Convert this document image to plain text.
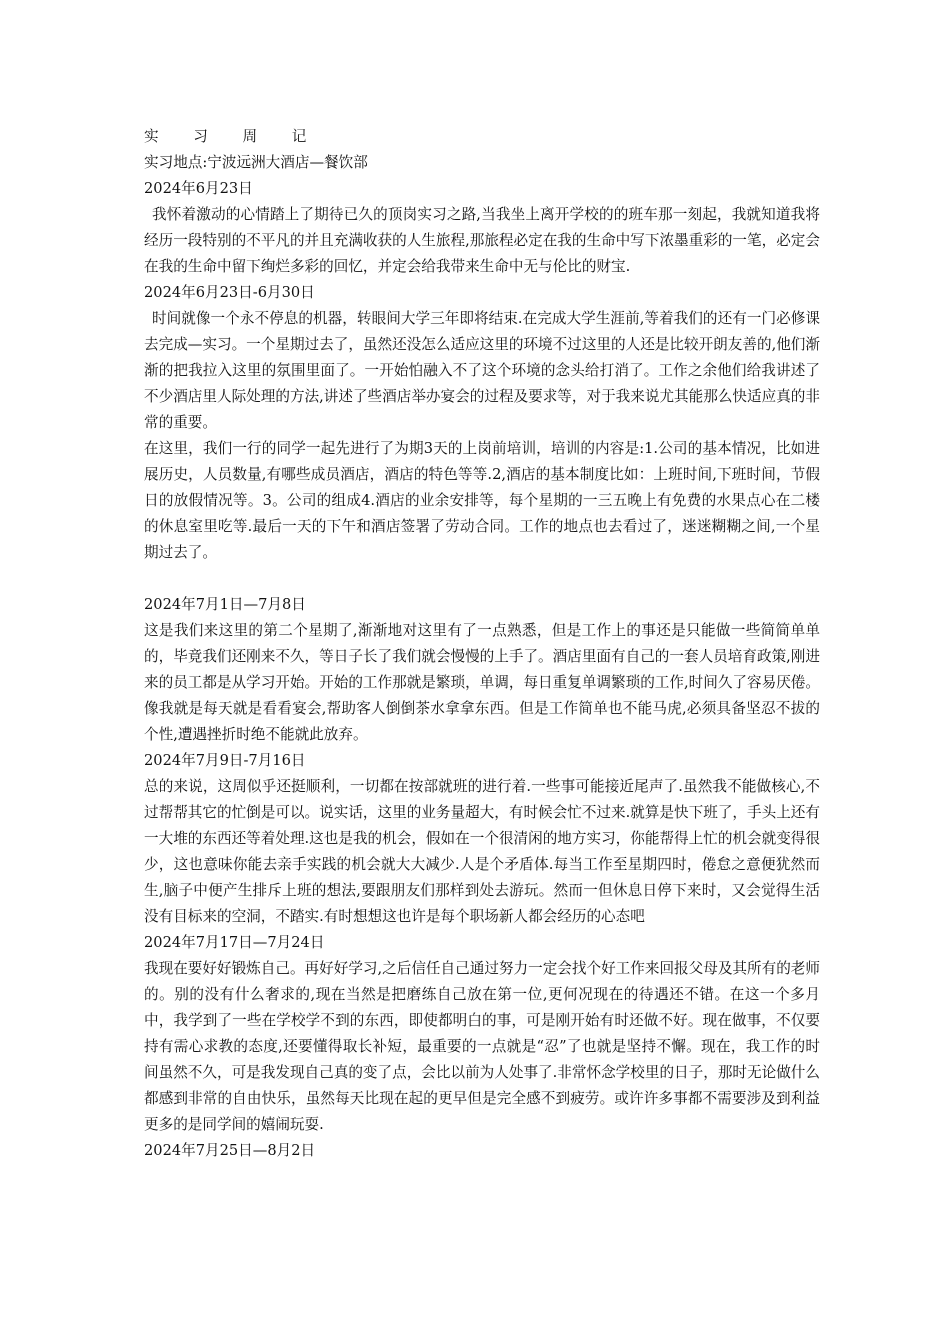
实 习 周 记

实习地点:宁波远洲大酒店—餐饮部

2024年6月23日

我怀着激动的心情踏上了期待已久的顶岗实习之路,当我坐上离开学校的的班车那一刻起，我就知道我将经历一段特别的不平凡的并且充满收获的人生旅程,那旅程必定在我的生命中写下浓墨重彩的一笔，必定会在我的生命中留下绚烂多彩的回忆，并定会给我带来生命中无与伦比的财宝.

2024年6月23日-6月30日

时间就像一个永不停息的机器，转眼间大学三年即将结束.在完成大学生涯前,等着我们的还有一门必修课去完成—实习。一个星期过去了，虽然还没怎么适应这里的环境不过这里的人还是比较开朗友善的,他们渐渐的把我拉入这里的氛围里面了。一开始怕融入不了这个环境的念头给打消了。工作之余他们给我讲述了不少酒店里人际处理的方法,讲述了些酒店举办宴会的过程及要求等，对于我来说尤其能那么快适应真的非常的重要。

在这里，我们一行的同学一起先进行了为期3天的上岗前培训，培训的内容是:1.公司的基本情况，比如进展历史，人员数量,有哪些成员酒店，酒店的特色等等.2,酒店的基本制度比如：上班时间,下班时间，节假日的放假情况等。3。公司的组成4.酒店的业余安排等，每个星期的一三五晚上有免费的水果点心在二楼的休息室里吃等.最后一天的下午和酒店签署了劳动合同。工作的地点也去看过了，迷迷糊糊之间,一个星期过去了。

2024年7月1日—7月8日

这是我们来这里的第二个星期了,渐渐地对这里有了一点熟悉，但是工作上的事还是只能做一些简简单单的，毕竟我们还刚来不久，等日子长了我们就会慢慢的上手了。酒店里面有自己的一套人员培育政策,刚进来的员工都是从学习开始。开始的工作那就是繁琐，单调，每日重复单调繁琐的工作,时间久了容易厌倦。像我就是每天就是看看宴会,帮助客人倒倒茶水拿拿东西。但是工作简单也不能马虎,必须具备坚忍不拔的个性,遭遇挫折时绝不能就此放弃。

2024年7月9日-7月16日

总的来说，这周似乎还挺顺利，一切都在按部就班的进行着.一些事可能接近尾声了.虽然我不能做核心,不过帮帮其它的忙倒是可以。说实话，这里的业务量超大，有时候会忙不过来.就算是快下班了，手头上还有一大堆的东西还等着处理.这也是我的机会，假如在一个很清闲的地方实习，你能帮得上忙的机会就变得很少，这也意味你能去亲手实践的机会就大大减少.人是个矛盾体.每当工作至星期四时，倦怠之意便犹然而生,脑子中便产生排斥上班的想法,要跟朋友们那样到处去游玩。然而一但休息日停下来时，又会觉得生活没有目标来的空洞，不踏实.有时想想这也许是每个职场新人都会经历的心态吧

2024年7月17日—7月24日

我现在要好好锻炼自己。再好好学习,之后信任自己通过努力一定会找个好工作来回报父母及其所有的老师的。别的没有什么奢求的,现在当然是把磨练自己放在第一位,更何况现在的待遇还不错。在这一个多月中，我学到了一些在学校学不到的东西，即使都明白的事，可是刚开始有时还做不好。现在做事，不仅要持有需心求教的态度,还要懂得取长补短，最重要的一点就是“忍”了也就是坚持不懈。现在，我工作的时间虽然不久，可是我发现自己真的变了点，会比以前为人处事了.非常怀念学校里的日子，那时无论做什么都感到非常的自由快乐，虽然每天比现在起的更早但是完全感不到疲劳。或许许多事都不需要涉及到利益更多的是同学间的嬉闹玩耍.

2024年7月25日—8月2日
